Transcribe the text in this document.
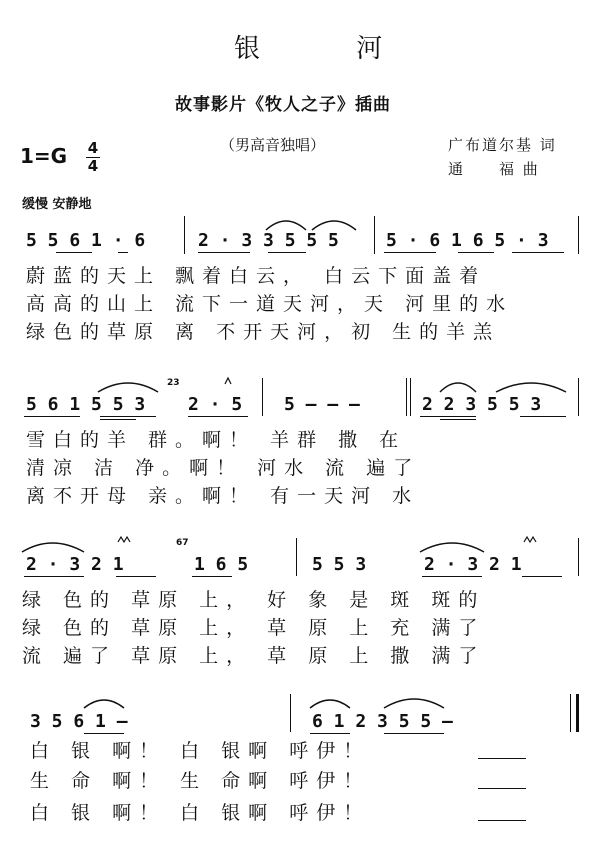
银 河
故事影片《牧人之子》插曲
1=G 4
4
（男高音独唱）	广布道尔基 词
通　　福 曲
缓慢 安静地
5 5 6 1 · 6	2 · 3 3 5 5 5	5 · 6 1 6 5 · 3
蔚蓝的天上 飘着白云， 白云下面盖着
高高的山上 流下一道天河，天 河里的水
绿色的草原 离 不开天河，初 生的羊羔
5 6 1 5 5 3
23
2 · 5 5 – – –	2 2 3 5 5 3
雪白的羊 群。啊！ 羊群 撒 在
清凉 洁 净。啊！ 河水 流 遍了
离不开母 亲。啊！ 有一天河 水
2 · 3 2 1
67
1 6 5	5 5 3	2 · 3 2 1
绿 色的 草原 上， 好 象 是 斑 斑的
绿 色的 草原 上， 草 原 上 充 满了
流 遍了 草原 上， 草 原 上 撒 满了
3 5 6 1 –	6 1 2 3 5 5 –
白 银 啊！ 白 银啊 呼伊！
生 命 啊！ 生 命啊 呼伊！
白 银 啊！ 白 银啊 呼伊！
